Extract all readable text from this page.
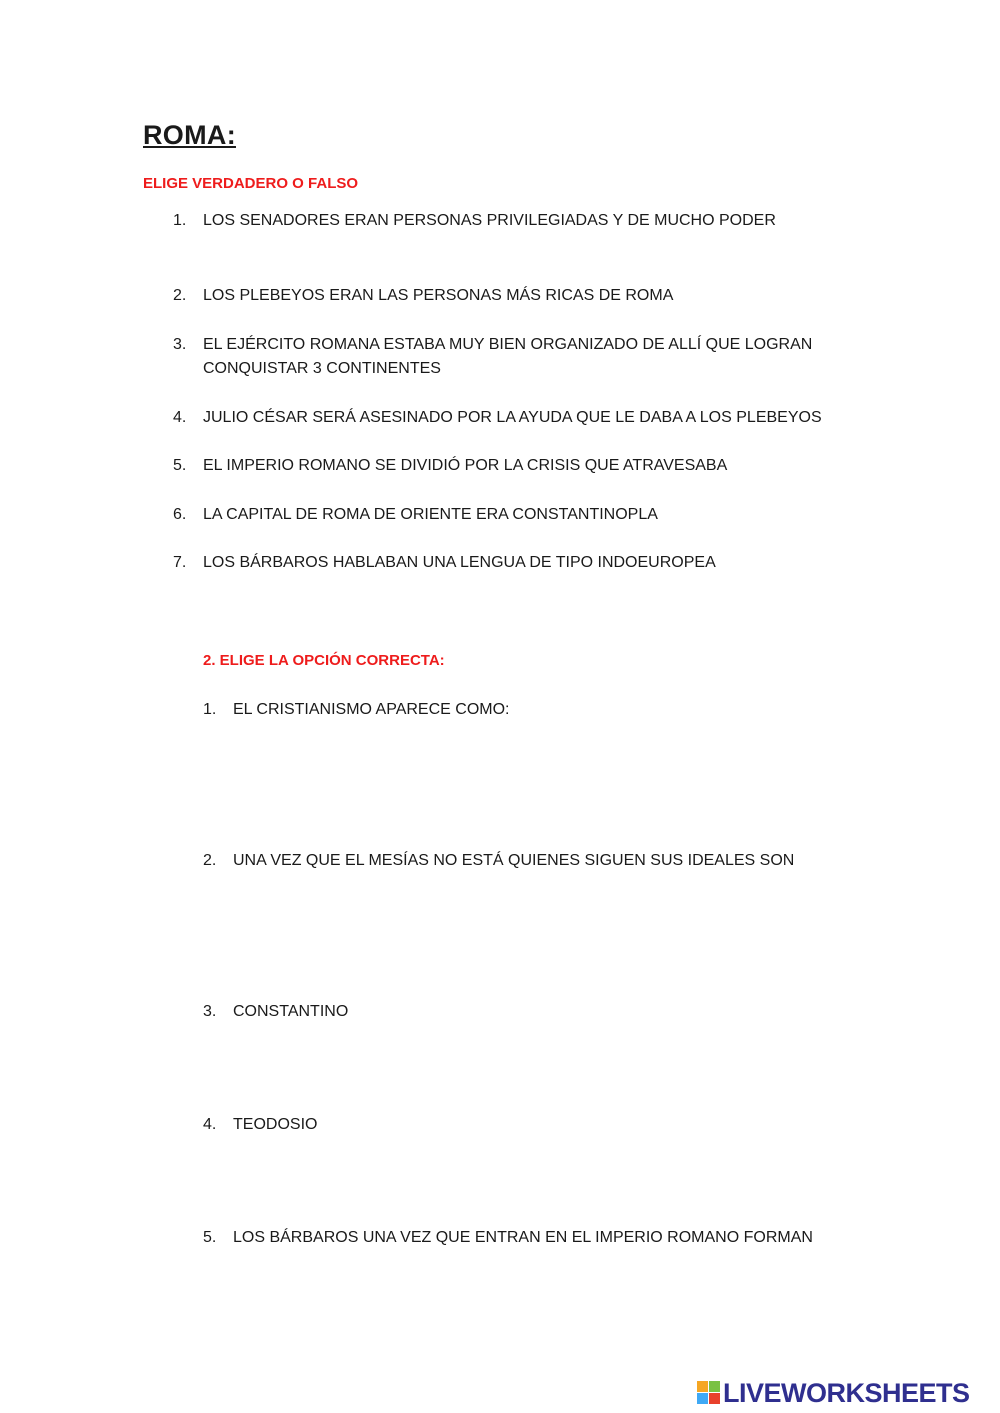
ROMA:
ELIGE VERDADERO O FALSO
1. LOS SENADORES ERAN PERSONAS PRIVILEGIADAS Y DE MUCHO PODER
2. LOS PLEBEYOS ERAN LAS PERSONAS MÁS RICAS DE ROMA
3. EL EJÉRCITO ROMANA ESTABA MUY BIEN ORGANIZADO DE ALLÍ QUE LOGRAN
CONQUISTAR 3 CONTINENTES
4. JULIO CÉSAR SERÁ ASESINADO POR LA AYUDA QUE LE DABA A LOS PLEBEYOS
5. EL IMPERIO ROMANO SE DIVIDIÓ POR LA CRISIS QUE ATRAVESABA
6. LA CAPITAL DE ROMA DE ORIENTE ERA CONSTANTINOPLA
7. LOS BÁRBAROS HABLABAN UNA LENGUA DE TIPO INDOEUROPEA
2. ELIGE LA OPCIÓN CORRECTA:
1. EL CRISTIANISMO APARECE COMO:
2. UNA VEZ QUE EL MESÍAS NO ESTÁ QUIENES SIGUEN SUS IDEALES SON
3. CONSTANTINO
4. TEODOSIO
5. LOS BÁRBAROS UNA VEZ QUE ENTRAN EN EL IMPERIO ROMANO FORMAN
LIVEWORKSHEETS
